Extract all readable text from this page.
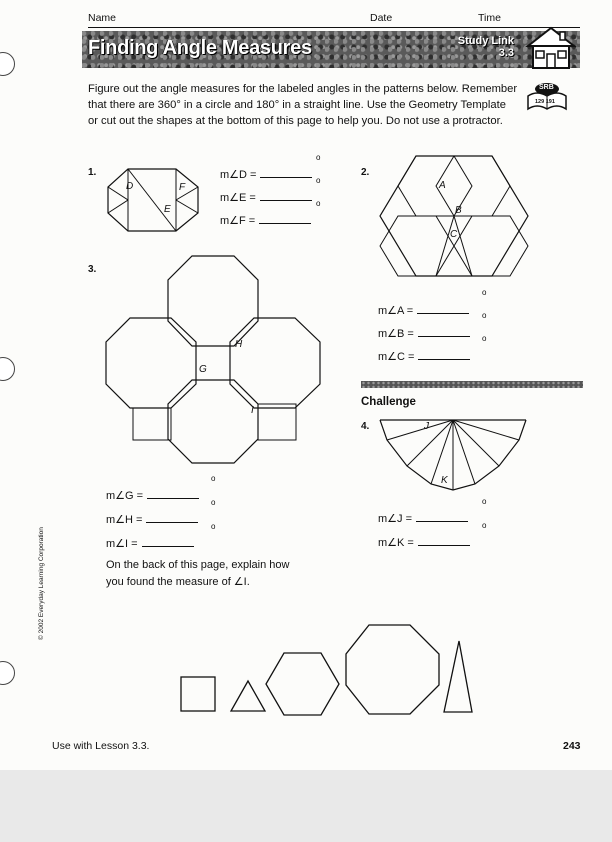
Name	Date	Time
Finding Angle Measures	Study Link
3.3
Figure out the angle measures for the labeled angles in the patterns below. Remember that there are 360° in a circle and 180° in a straight line. Use the Geometry Template or cut out the shapes at the bottom of this page to help you. Do not use a protractor.
SRB
129 191
1.
D	F
E
m∠D =
m∠E =
m∠F =
o
o
o
2.
A
B
C
m∠A =
m∠B =
m∠C =
o
o
o
3.
H
G
I
m∠G =
m∠H =
m∠I =
o
o
o
On the back of this page, explain how
you found the measure of ∠I.
Challenge
4.	J
K
m∠J =
m∠K =
o
o
© 2002 Everyday Learning Corporation
Use with Lesson 3.3.	243
